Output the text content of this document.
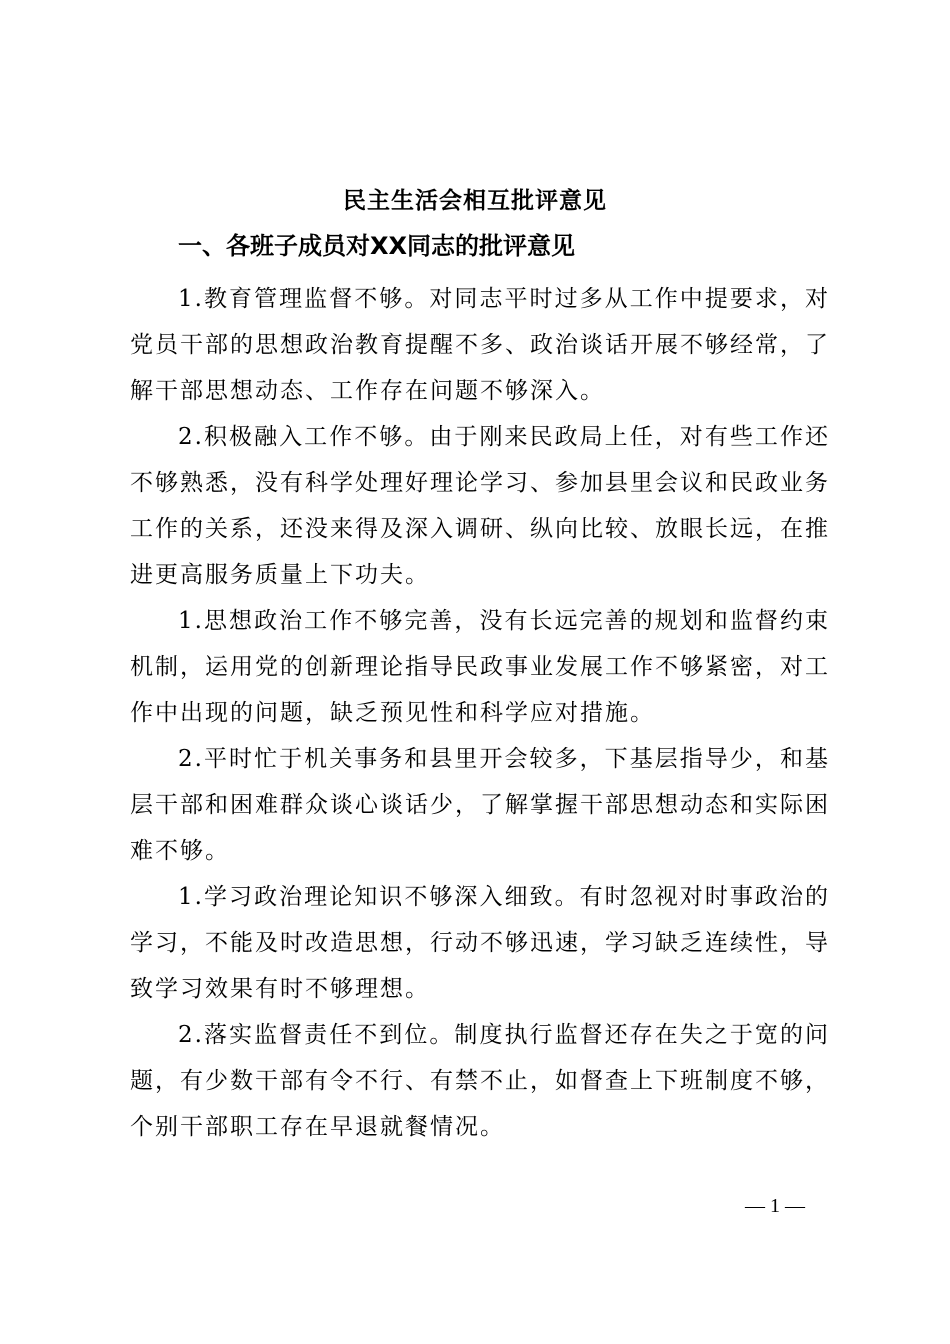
民主生活会相互批评意见
一、各班子成员对XX同志的批评意见

1.教育管理监督不够。对同志平时过多从工作中提要求，对党员干部的思想政治教育提醒不多、政治谈话开展不够经常，了解干部思想动态、工作存在问题不够深入。

2.积极融入工作不够。由于刚来民政局上任，对有些工作还不够熟悉，没有科学处理好理论学习、参加县里会议和民政业务工作的关系，还没来得及深入调研、纵向比较、放眼长远，在推进更高服务质量上下功夫。

1.思想政治工作不够完善，没有长远完善的规划和监督约束机制，运用党的创新理论指导民政事业发展工作不够紧密，对工作中出现的问题，缺乏预见性和科学应对措施。

2.平时忙于机关事务和县里开会较多，下基层指导少，和基层干部和困难群众谈心谈话少，了解掌握干部思想动态和实际困难不够。

1.学习政治理论知识不够深入细致。有时忽视对时事政治的学习，不能及时改造思想，行动不够迅速，学习缺乏连续性，导致学习效果有时不够理想。

2.落实监督责任不到位。制度执行监督还存在失之于宽的问题，有少数干部有令不行、有禁不止，如督查上下班制度不够，个别干部职工存在早退就餐情况。

— 1 —
